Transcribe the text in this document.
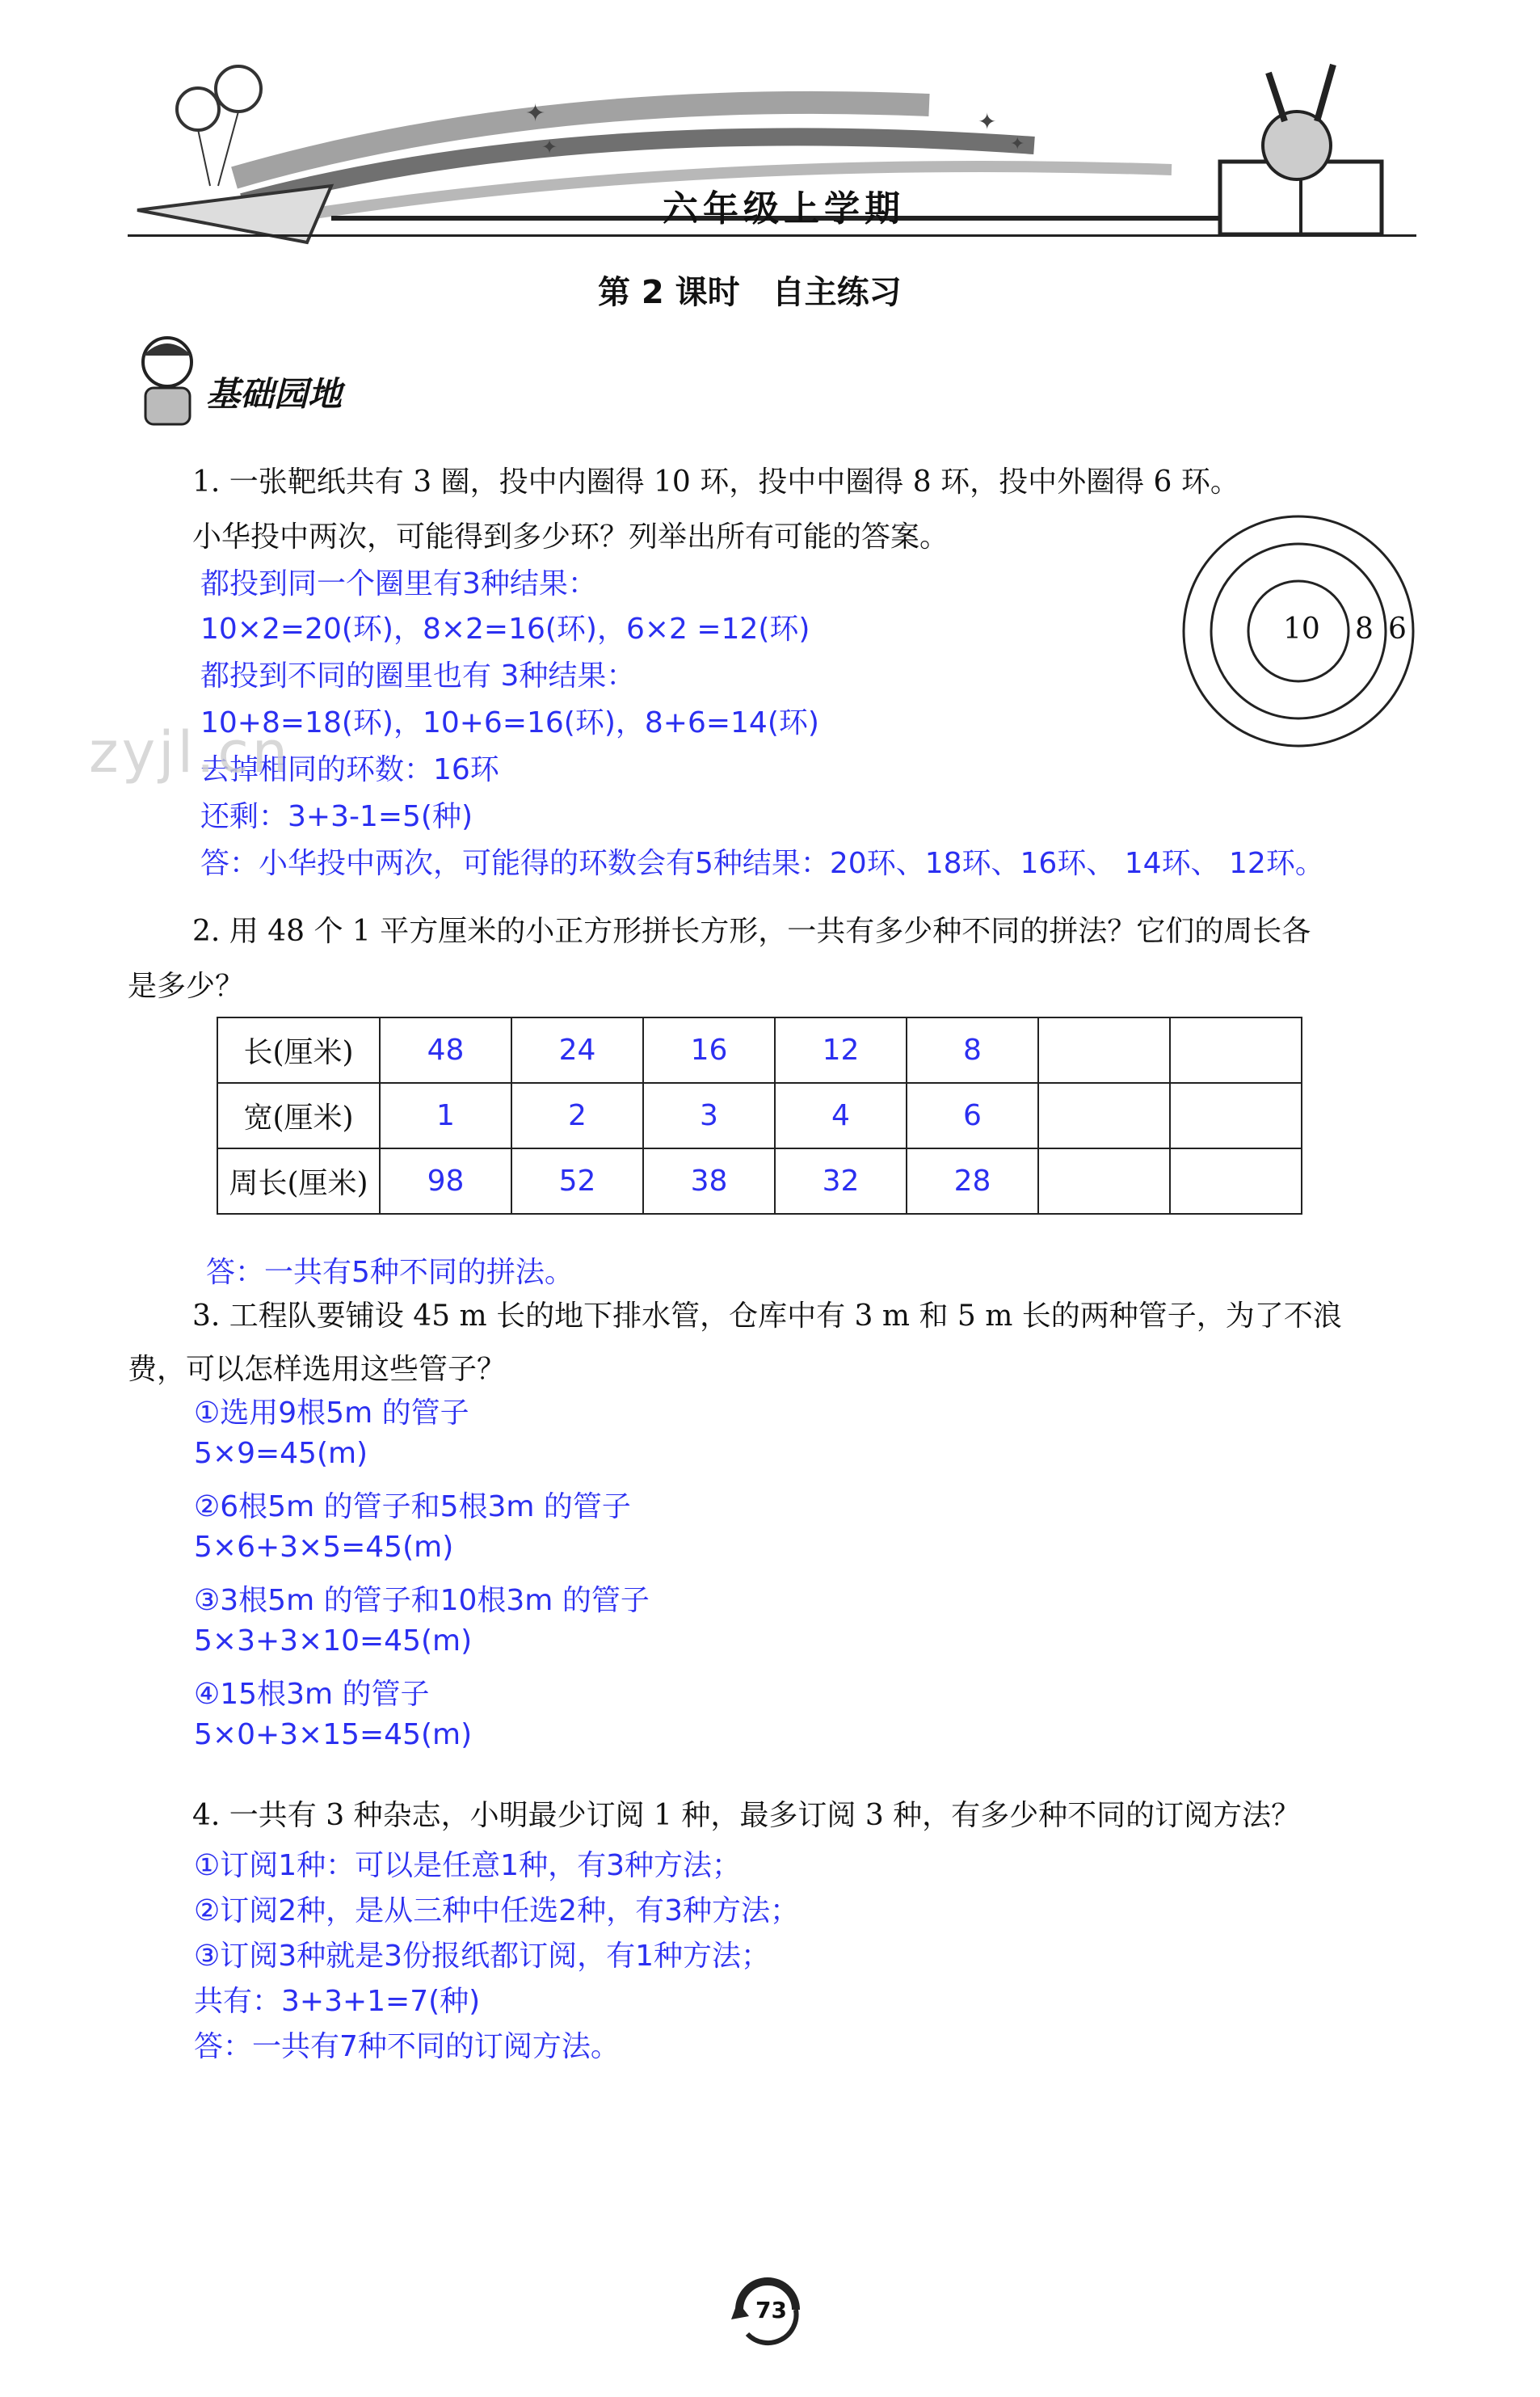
✦
✦
✦
✦
六年级上学期
第 2 课时　自主练习
基础园地
1. 一张靶纸共有 3 圈，投中内圈得 10 环，投中中圈得 8 环，投中外圈得 6 环。
小华投中两次，可能得到多少环？列举出所有可能的答案。
都投到同一个圈里有3种结果：
10×2=20(环)，8×2=16(环)，6×2 =12(环)
都投到不同的圈里也有 3种结果：
10+8=18(环)，10+6=16(环)，8+6=14(环)
去掉相同的环数：16环
还剩：3+3-1=5(种)
答：小华投中两次，可能得的环数会有5种结果：20环、18环、16环、 14环、 12环。
10 8 6
zyjl.cn
2. 用 48 个 1 平方厘米的小正方形拼长方形，一共有多少种不同的拼法？它们的周长各
是多少？
长(厘米)	48	24	16	12	8		
宽(厘米)	1	2	3	4	6		
周长(厘米)	98	52	38	32	28		
答：一共有5种不同的拼法。
3. 工程队要铺设 45 m 长的地下排水管，仓库中有 3 m 和 5 m 长的两种管子，为了不浪
费，可以怎样选用这些管子？
①选用9根5m 的管子
5×9=45(m)
②6根5m 的管子和5根3m 的管子
5×6+3×5=45(m)
③3根5m 的管子和10根3m 的管子
5×3+3×10=45(m)
④15根3m 的管子
5×0+3×15=45(m)
4. 一共有 3 种杂志，小明最少订阅 1 种，最多订阅 3 种，有多少种不同的订阅方法？
①订阅1种：可以是任意1种，有3种方法；
②订阅2种，是从三种中任选2种，有3种方法；
③订阅3种就是3份报纸都订阅，有1种方法；
共有：3+3+1=7(种)
答：一共有7种不同的订阅方法。
73
